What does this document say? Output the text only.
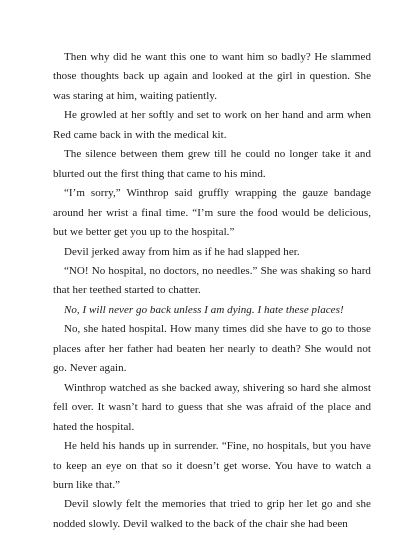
Then why did he want this one to want him so badly? He slammed those thoughts back up again and looked at the girl in question. She was staring at him, waiting patiently.

He growled at her softly and set to work on her hand and arm when Red came back in with the medical kit.

The silence between them grew till he could no longer take it and blurted out the first thing that came to his mind.

“I’m sorry,” Winthrop said gruffly wrapping the gauze bandage around her wrist a final time. “I’m sure the food would be delicious, but we better get you up to the hospital.”

Devil jerked away from him as if he had slapped her.

“NO! No hospital, no doctors, no needles.” She was shaking so hard that her teethed started to chatter.

No, I will never go back unless I am dying. I hate these places!

No, she hated hospital. How many times did she have to go to those places after her father had beaten her nearly to death? She would not go. Never again.

Winthrop watched as she backed away, shivering so hard she almost fell over. It wasn’t hard to guess that she was afraid of the place and hated the hospital.

He held his hands up in surrender. “Fine, no hospitals, but you have to keep an eye on that so it doesn’t get worse. You have to watch a burn like that.”

Devil slowly felt the memories that tried to grip her let go and she nodded slowly. Devil walked to the back of the chair she had been
